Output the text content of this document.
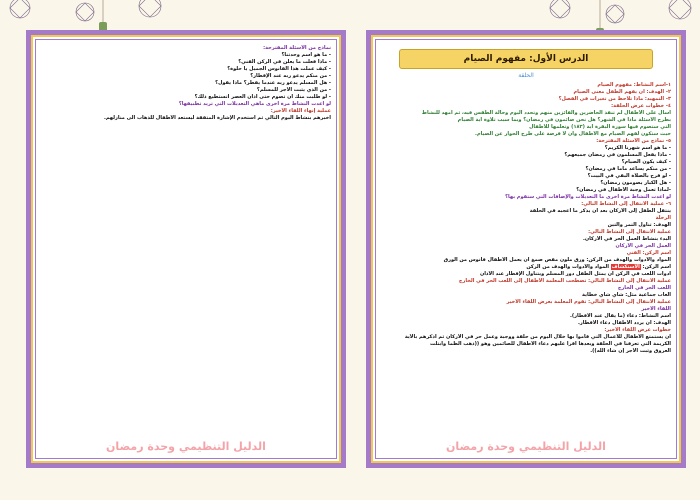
نماذج من الأسئلة المقترحة:
- ما هو اسم وحدتنا؟
- ماذا فعلت ما يعلن في الركن الفني؟
- كيف عملت هذا الفانوس الجميل يا حلوة؟
- من منكم يدعو ربه عند الإفطار؟
- هل المسلم يدعو ربه عندما يفطر؟ ماذا يقول؟
- من الذي يثبت الأجر للمسلم؟
- لو طلبت منك أن تصوم حتى أذان العصر أتستطيع ذلك؟
لو أعدت النشاط مرة أخرى ماهي التعديلات التي تريد تطبيقها؟
عملية إنهاء اللقاء الأخير:
أخبرهم بنشاط اليوم التالي ثم استخدم الإشارة المتفقة ليستعد الأطفال للذهاب الى منازلهم.
الدليل التنظيمي وحدة رمضان
الدرس الأول: مفهوم الصيام
الحلقة
١-اسم النشاط: مفهوم الصيام
٢- الهدف: أن يفهم الطفل معنى الصيام
٣- التمهيد: ماذا تلاحظ من تغيرات في الفصل؟
٤- خطوات عرض الحلقة:
اسأل على الأطفال لم تنفذ الحاضرين والفائزين منهم وتحدد اليوم وحالة الطقس فيه، ثم أمهد للنشاط
بطرح الأسئلة ماذا في الشهر؟ هل نحن صائمون في رمضان؟ وبما سبب تلاوة آية الصيام
التي ستصوم فيها سورة البقرة آية (١٨٣) وتعلمها للأطفال
حيث ستكون لفهم الصيام مع الأطفال وأن لا فرصة على طرح الحوار عن الصيام.
٥- نماذج من الأسئلة المقترحة:
- ما هو اسم شهرنا الكريم؟
- ماذا يفعل المسلمون في رمضان جميعهم؟
- كيف يكون الصيام؟
- من منكم يساعد ماما في رمضان؟
- لو فرح بالصلاة البقي في البيت؟
- هل الكبار يصومون رمضان؟
-لماذا تعمل وجبة الأطفال في رمضان؟
لو أعدت النشاط مرة أخرى ما التعديلات والإضافات التي ستقوم بها؟
٦- عملية الانتقال إلى النشاط التالي:
ينتقل الطفل إلى الأركان بعد أن يذكر ما اعجبه في الحلقة
الرحلة
الهدف: تناول التمر والتين
عملية الانتقال إلى النشاط التالي:
البدء بنشاط العمل الحر في الأركان.
العمل الحر في الأركان
اسم الركن: الفني
المواد والأدوات والهدف من الركن: ورق ملون مقص صمغ أن يعمل الأطفال فانوس من الورق
اسم الركن: الاستكشاف المواد والأدوات والهدف من الركن
أدوات اللعب في الركن أن يمثل الطفل دور المسلم ويتناول الإفطار عند الأذان
عملية الانتقال إلى النشاط التالي: تصطحب المعلمة الأطفال إلى اللعب الحر في الخارج
اللعب الحر في الخارج
ألعاب جماعية مثل: شاي شاي خطاية
عملية الانتقال إلى النشاط التالي: تقوم المعلمة بعرض اللقاء الأخير
اللقاء الأخير
اسم النشاط: دعاء (ما يقال عند الافطار).
الهدف: أن يردد الأطفال دعاء الافطار.
خطوات عرض اللقاء الأخير:
أن يستمتع الأطفال للأعمال التي قاموا بها خلال اليوم من حلقة ووجبة وعمل حر في الأركان ثم أذكرهم بالآية
الكريمة التي تعرفنا في الحلقة وبعدها أقرأ عليهم دعاء الأطفال للصائمين وهو ((ذهب الظمأ وابتلت
العروق وثبت الأجر إن شاء الله)).
الدليل التنظيمي وحدة رمضان
